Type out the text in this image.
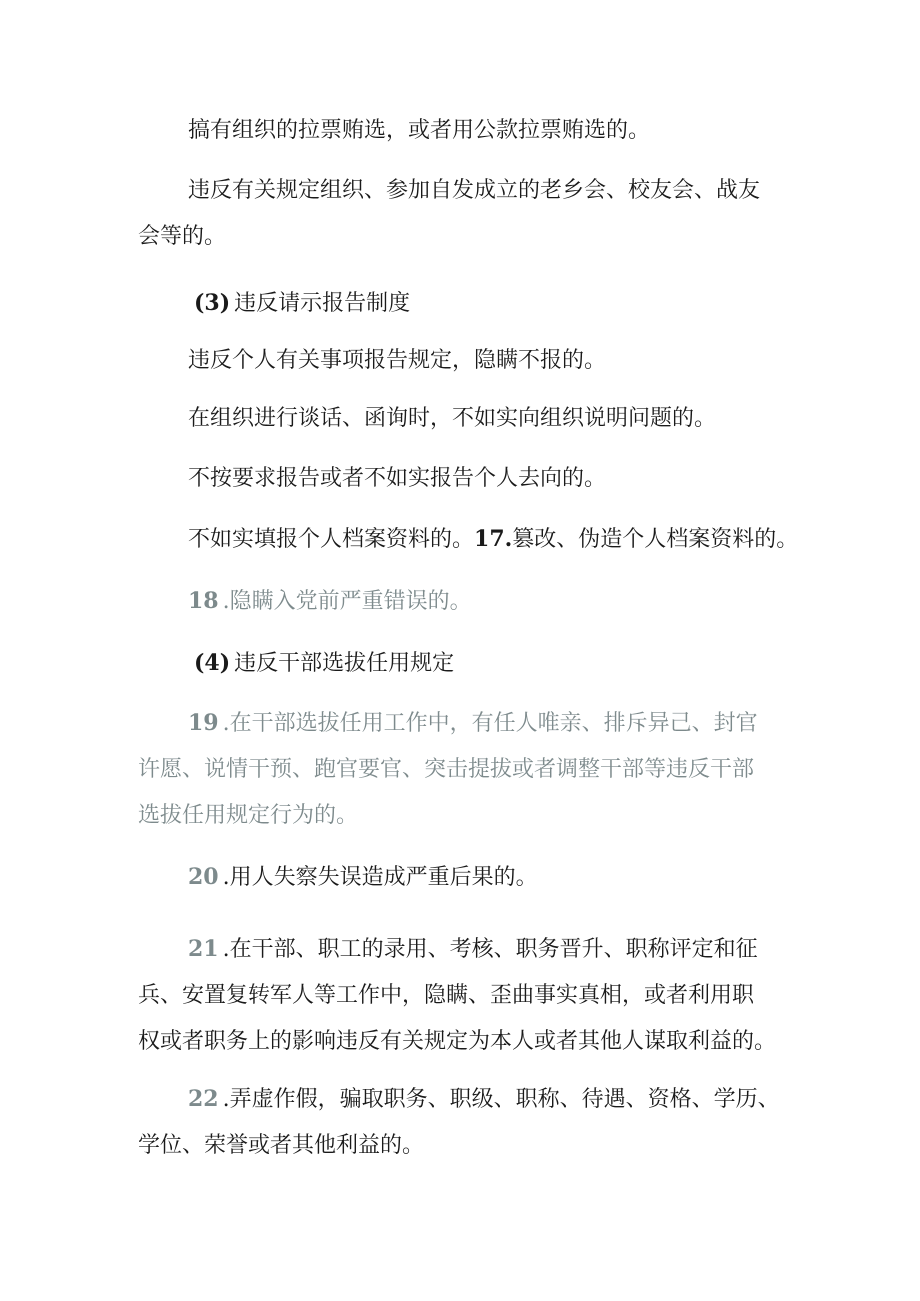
搞有组织的拉票贿选，或者用公款拉票贿选的。

违反有关规定组织、参加自发成立的老乡会、校友会、战友
会等的。

(3) 违反请示报告制度

违反个人有关事项报告规定，隐瞒不报的。

在组织进行谈话、函询时，不如实向组织说明问题的。

不按要求报告或者不如实报告个人去向的。

不如实填报个人档案资料的。17.篡改、伪造个人档案资料的。

18 .隐瞒入党前严重错误的。

(4) 违反干部选拔任用规定

19 .在干部选拔任用工作中，有任人唯亲、排斥异己、封官
许愿、说情干预、跑官要官、突击提拔或者调整干部等违反干部
选拔任用规定行为的。

20 .用人失察失误造成严重后果的。

21 .在干部、职工的录用、考核、职务晋升、职称评定和征
兵、安置复转军人等工作中，隐瞒、歪曲事实真相，或者利用职
权或者职务上的影响违反有关规定为本人或者其他人谋取利益的。

22 .弄虚作假，骗取职务、职级、职称、待遇、资格、学历、
学位、荣誉或者其他利益的。
